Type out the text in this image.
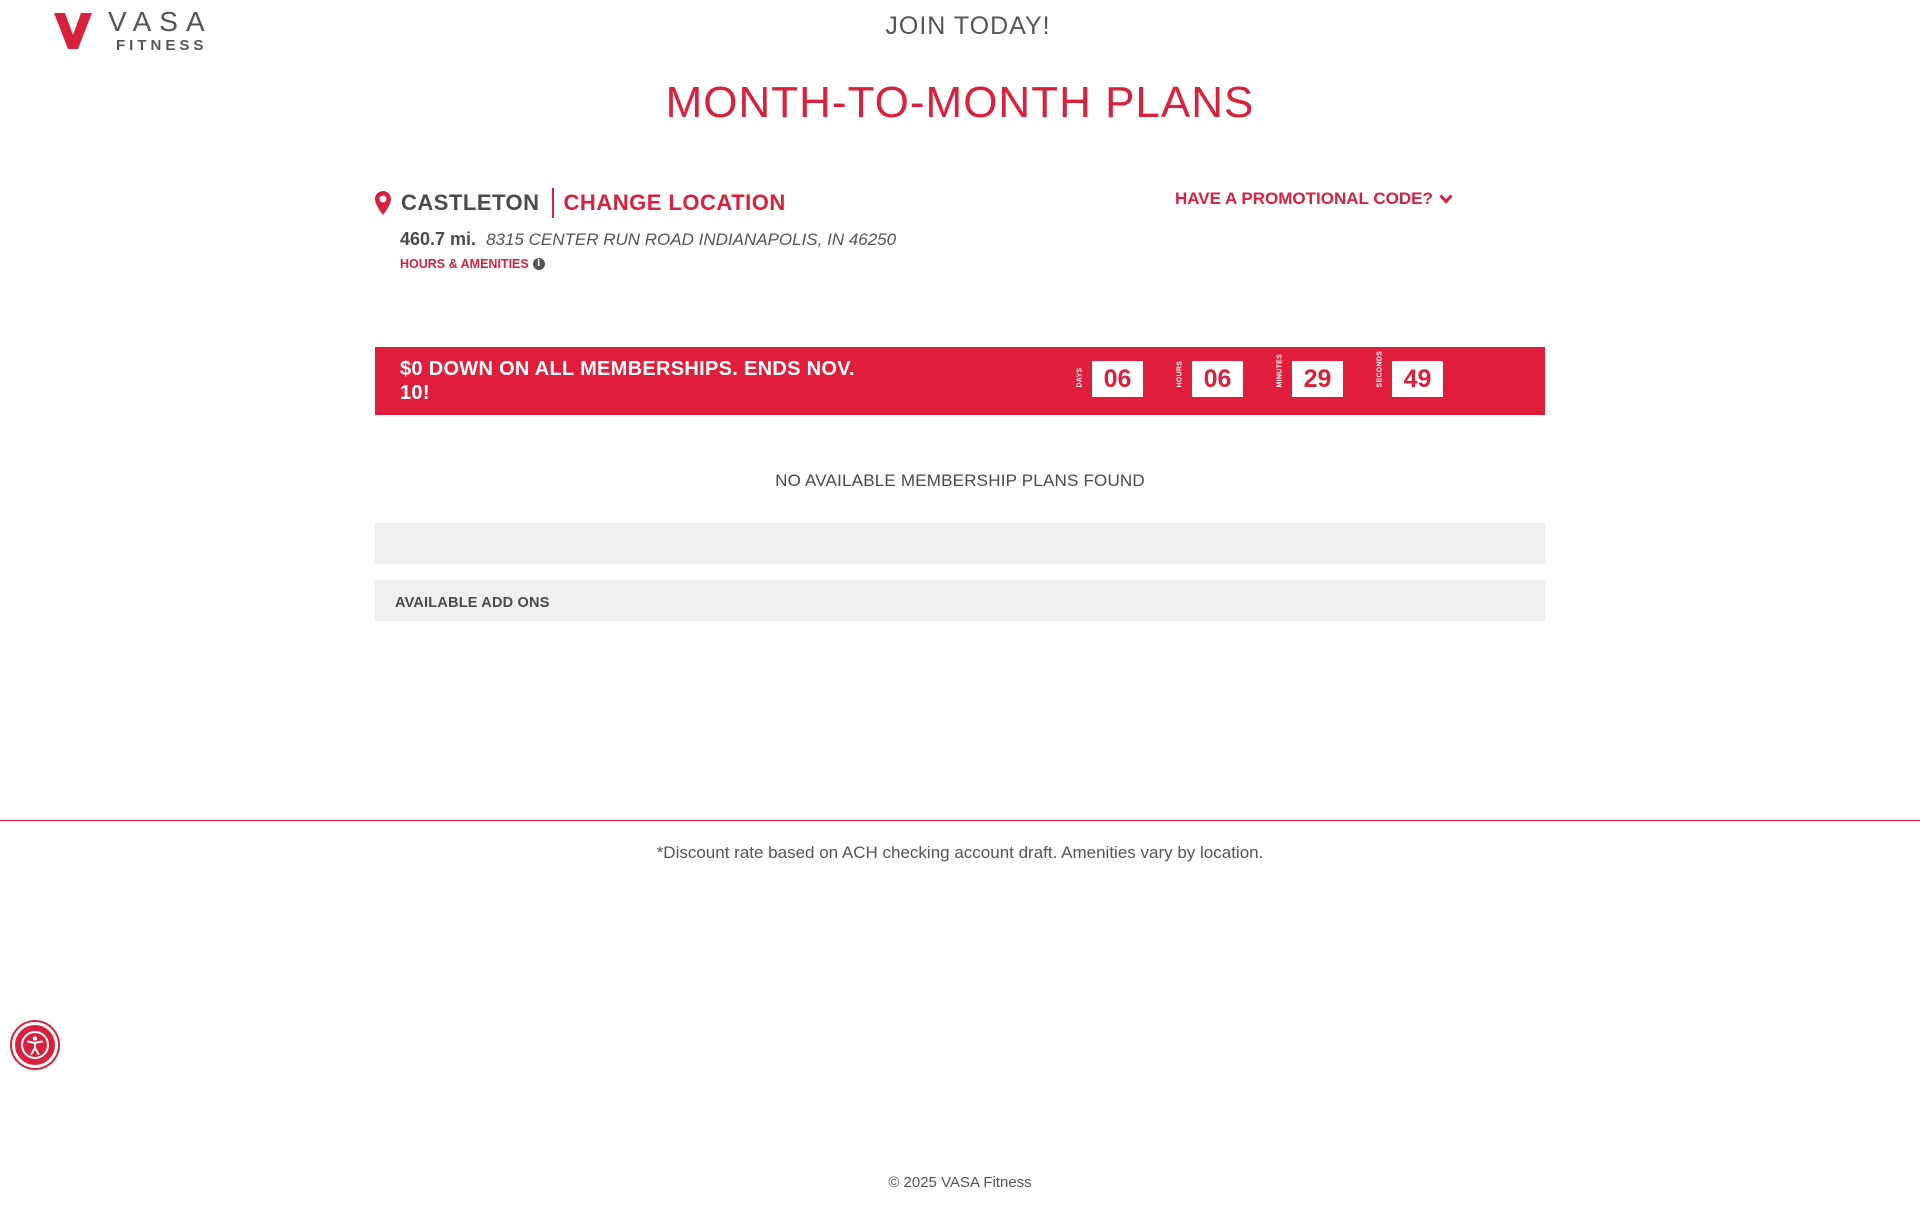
VASA
FITNESS
JOIN TODAY!
MONTH-TO-MONTH PLANS
CASTLETON CHANGE LOCATION
460.7 mi. 8315 CENTER RUN ROAD INDIANAPOLIS, IN 46250
HOURS & AMENITIES i
HAVE A PROMOTIONAL CODE?
$0 DOWN ON ALL MEMBERSHIPS. ENDS NOV. 10!
DAYS 06	HOURS 06	MINUTES 29	SECONDS 49
NO AVAILABLE MEMBERSHIP PLANS FOUND
AVAILABLE ADD ONS
*Discount rate based on ACH checking account draft. Amenities vary by location.
© 2025 VASA Fitness
